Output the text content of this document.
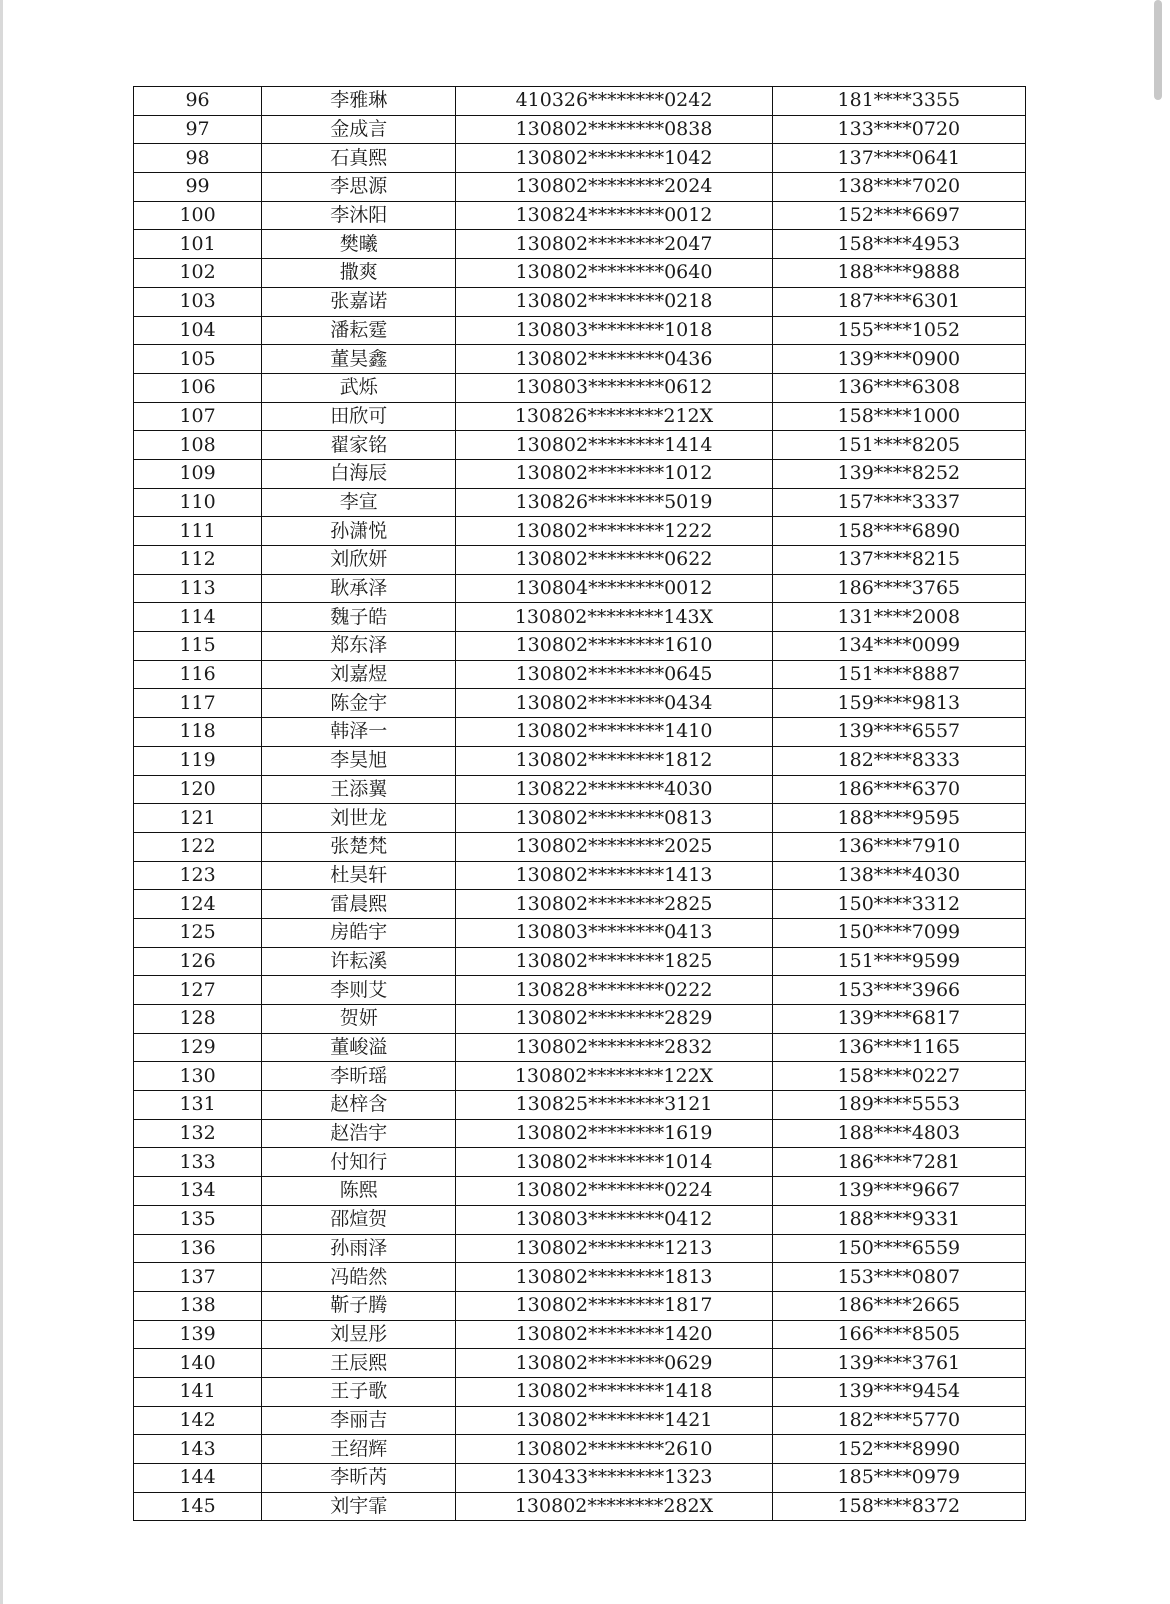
96	李雅琳	410326********0242	181****3355
97	金成言	130802********0838	133****0720
98	石真熙	130802********1042	137****0641
99	李思源	130802********2024	138****7020
100	李沐阳	130824********0012	152****6697
101	樊曦	130802********2047	158****4953
102	撒爽	130802********0640	188****9888
103	张嘉诺	130802********0218	187****6301
104	潘耘霆	130803********1018	155****1052
105	董昊鑫	130802********0436	139****0900
106	武烁	130803********0612	136****6308
107	田欣可	130826********212X	158****1000
108	翟家铭	130802********1414	151****8205
109	白海辰	130802********1012	139****8252
110	李宣	130826********5019	157****3337
111	孙潇悦	130802********1222	158****6890
112	刘欣妍	130802********0622	137****8215
113	耿承泽	130804********0012	186****3765
114	魏子皓	130802********143X	131****2008
115	郑东泽	130802********1610	134****0099
116	刘嘉煜	130802********0645	151****8887
117	陈金宇	130802********0434	159****9813
118	韩泽一	130802********1410	139****6557
119	李昊旭	130802********1812	182****8333
120	王添翼	130822********4030	186****6370
121	刘世龙	130802********0813	188****9595
122	张楚梵	130802********2025	136****7910
123	杜昊轩	130802********1413	138****4030
124	雷晨熙	130802********2825	150****3312
125	房皓宇	130803********0413	150****7099
126	许耘溪	130802********1825	151****9599
127	李则艾	130828********0222	153****3966
128	贺妍	130802********2829	139****6817
129	董峻溢	130802********2832	136****1165
130	李昕瑶	130802********122X	158****0227
131	赵梓含	130825********3121	189****5553
132	赵浩宇	130802********1619	188****4803
133	付知行	130802********1014	186****7281
134	陈熙	130802********0224	139****9667
135	邵煊贺	130803********0412	188****9331
136	孙雨泽	130802********1213	150****6559
137	冯皓然	130802********1813	153****0807
138	靳子腾	130802********1817	186****2665
139	刘昱彤	130802********1420	166****8505
140	王辰熙	130802********0629	139****3761
141	王子歌	130802********1418	139****9454
142	李丽吉	130802********1421	182****5770
143	王绍辉	130802********2610	152****8990
144	李昕芮	130433********1323	185****0979
145	刘宇霏	130802********282X	158****8372
